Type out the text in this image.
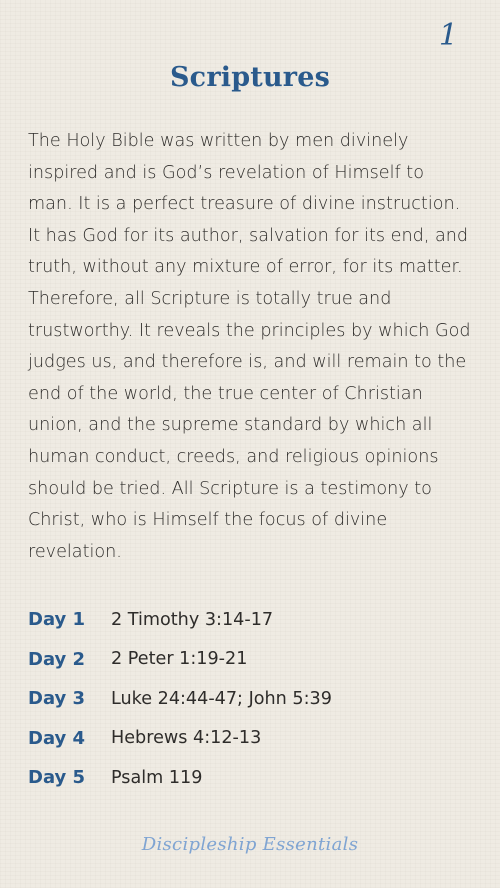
1
Scriptures

The Holy Bible was written by men divinely inspired and is God’s revelation of Himself to man. It is a perfect treasure of divine instruction. It has God for its author, salvation for its end, and truth, without any mixture of error, for its matter. Therefore, all Scripture is totally true and trustworthy. It reveals the principles by which God judges us, and therefore is, and will remain to the end of the world, the true center of Christian union, and the supreme standard by which all human conduct, creeds, and religious opinions should be tried. All Scripture is a testimony to Christ, who is Himself the focus of divine revelation.

Day 1	2 Timothy 3:14-17
Day 2	2 Peter 1:19-21
Day 3	Luke 24:44-47; John 5:39
Day 4	Hebrews 4:12-13
Day 5	Psalm 119
Discipleship Essentials
